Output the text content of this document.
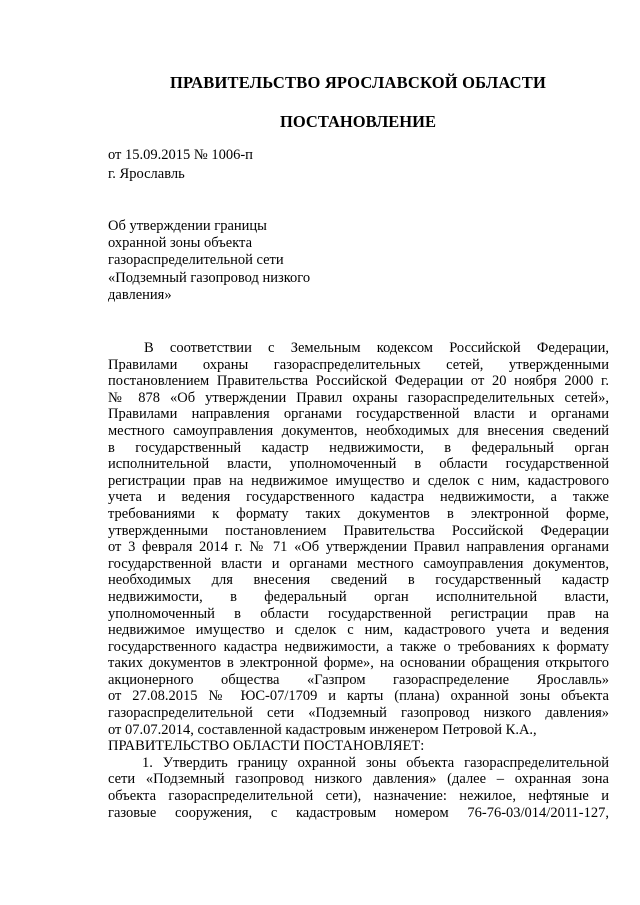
ПРАВИТЕЛЬСТВО ЯРОСЛАВСКОЙ ОБЛАСТИ
ПОСТАНОВЛЕНИЕ
от 15.09.2015 № 1006-п
г. Ярославль
Об утверждении границы
охранной зоны объекта
газораспределительной сети
«Подземный газопровод низкого
давления»
В соответствии с Земельным кодексом Российской Федерации,
Правилами охраны газораспределительных сетей, утвержденными
постановлением Правительства Российской Федерации от 20 ноября 2000 г.
№ 878 «Об утверждении Правил охраны газораспределительных сетей»,
Правилами направления органами государственной власти и органами
местного самоуправления документов, необходимых для внесения сведений
в государственный кадастр недвижимости, в федеральный орган
исполнительной власти, уполномоченный в области государственной
регистрации прав на недвижимое имущество и сделок с ним, кадастрового
учета и ведения государственного кадастра недвижимости, а также
требованиями к формату таких документов в электронной форме,
утвержденными постановлением Правительства Российской Федерации
от 3 февраля 2014 г. № 71 «Об утверждении Правил направления органами
государственной власти и органами местного самоуправления документов,
необходимых для внесения сведений в государственный кадастр
недвижимости, в федеральный орган исполнительной власти,
уполномоченный в области государственной регистрации прав на
недвижимое имущество и сделок с ним, кадастрового учета и ведения
государственного кадастра недвижимости, а также о требованиях к формату
таких документов в электронной форме», на основании обращения открытого
акционерного общества «Газпром газораспределение Ярославль»
от 27.08.2015 № ЮС-07/1709 и карты (плана) охранной зоны объекта
газораспределительной сети «Подземный газопровод низкого давления»
от 07.07.2014, составленной кадастровым инженером Петровой К.А.,
ПРАВИТЕЛЬСТВО ОБЛАСТИ ПОСТАНОВЛЯЕТ:
1. Утвердить границу охранной зоны объекта газораспределительной
сети «Подземный газопровод низкого давления» (далее – охранная зона
объекта газораспределительной сети), назначение: нежилое, нефтяные и
газовые сооружения, с кадастровым номером 76-76-03/014/2011-127,
